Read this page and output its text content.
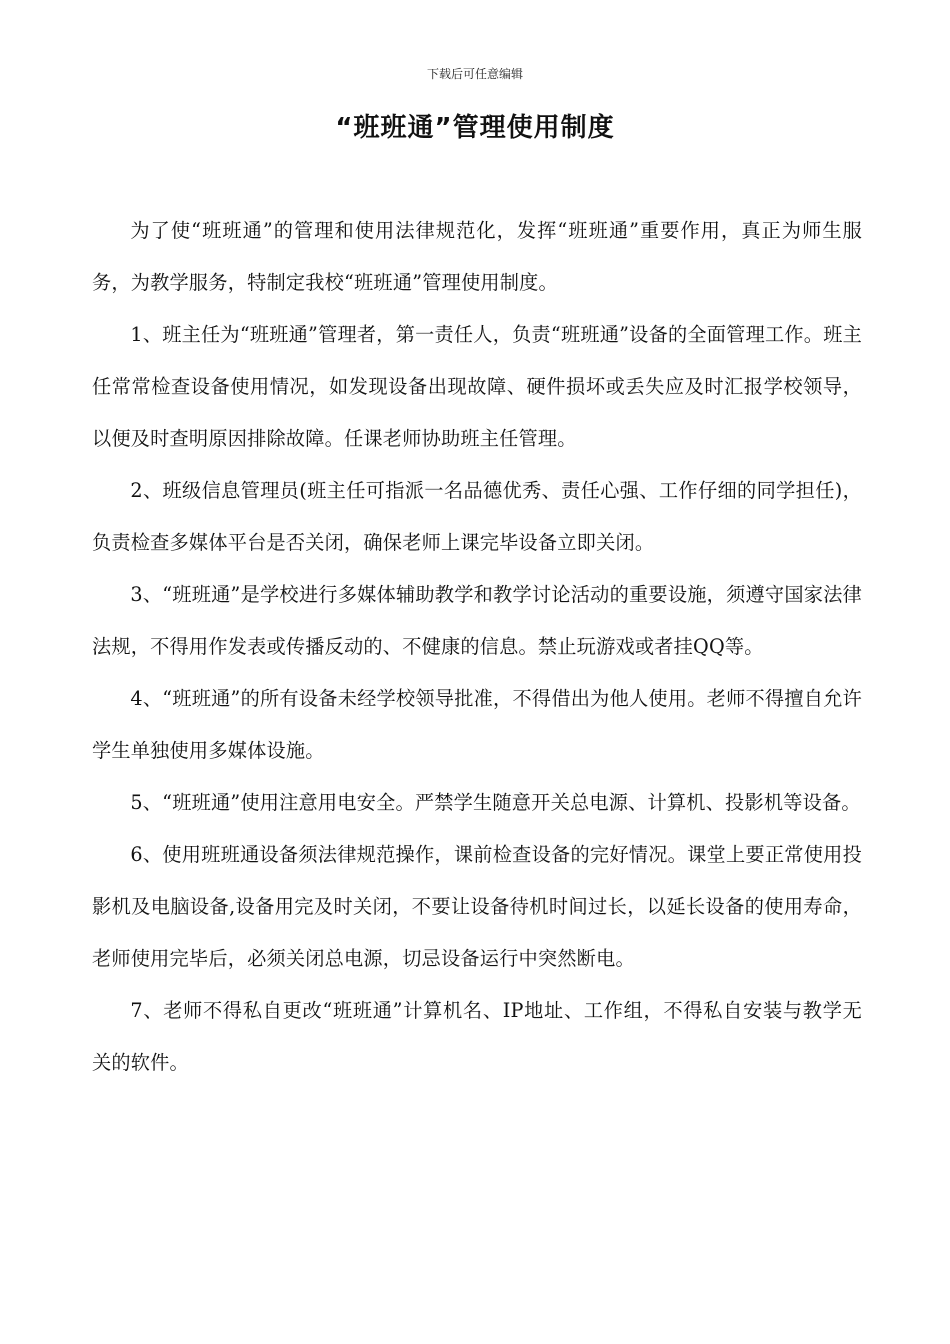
下载后可任意编辑
“班班通”管理使用制度

为了使“班班通”的管理和使用法律规范化，发挥“班班通”重要作用，真正为师生服务，为教学服务，特制定我校“班班通”管理使用制度。

1、班主任为“班班通”管理者，第一责任人，负责“班班通”设备的全面管理工作。班主任常常检查设备使用情况，如发现设备出现故障、硬件损坏或丢失应及时汇报学校领导，以便及时查明原因排除故障。任课老师协助班主任管理。

2、班级信息管理员(班主任可指派一名品德优秀、责任心强、工作仔细的同学担任)，负责检查多媒体平台是否关闭，确保老师上课完毕设备立即关闭。

3、“班班通”是学校进行多媒体辅助教学和教学讨论活动的重要设施，须遵守国家法律法规，不得用作发表或传播反动的、不健康的信息。禁止玩游戏或者挂QQ等。

4、“班班通”的所有设备未经学校领导批准，不得借出为他人使用。老师不得擅自允许学生单独使用多媒体设施。

5、“班班通”使用注意用电安全。严禁学生随意开关总电源、计算机、投影机等设备。

6、使用班班通设备须法律规范操作，课前检查设备的完好情况。课堂上要正常使用投影机及电脑设备,设备用完及时关闭，不要让设备待机时间过长，以延长设备的使用寿命，老师使用完毕后，必须关闭总电源，切忌设备运行中突然断电。

7、老师不得私自更改“班班通”计算机名、IP地址、工作组，不得私自安装与教学无关的软件。
